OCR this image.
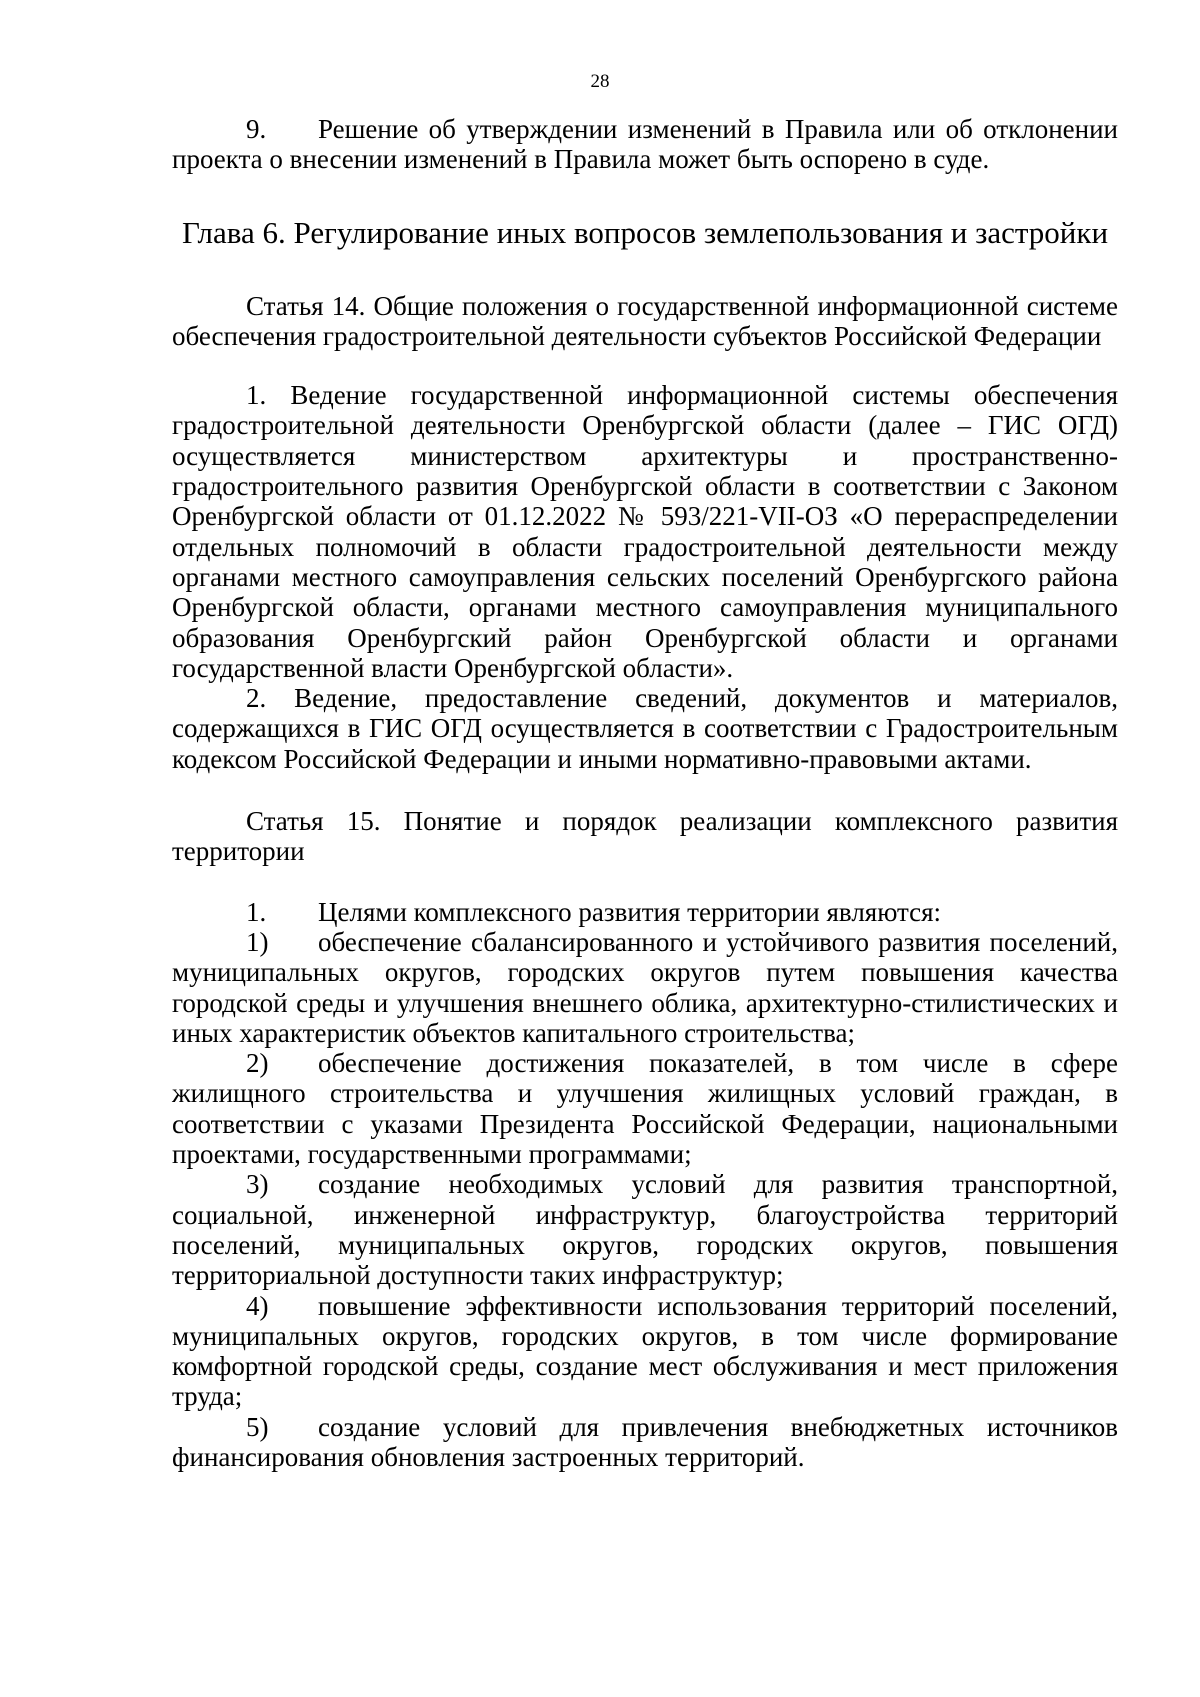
28

9. Решение об утверждении изменений в Правила или об отклонении проекта о внесении изменений в Правила может быть оспорено в суде.

Глава 6. Регулирование иных вопросов землепользования и застройки

Статья 14. Общие положения о государственной информационной системе обеспечения градостроительной деятельности субъектов Российской Федерации

1. Ведение государственной информационной системы обеспечения градостроительной деятельности Оренбургской области (далее – ГИС ОГД) осуществляется министерством архитектуры и пространственно-градостроительного развития Оренбургской области в соответствии с Законом Оренбургской области от 01.12.2022 № 593/221-VII-ОЗ «О перераспределении отдельных полномочий в области градостроительной деятельности между органами местного самоуправления сельских поселений Оренбургского района Оренбургской области, органами местного самоуправления муниципального образования Оренбургский район Оренбургской области и органами государственной власти Оренбургской области».

2. Ведение, предоставление сведений, документов и материалов, содержащихся в ГИС ОГД осуществляется в соответствии с Градостроительным кодексом Российской Федерации и иными нормативно-правовыми актами.

Статья 15. Понятие и порядок реализации комплексного развития территории

1. Целями комплексного развития территории являются:

1) обеспечение сбалансированного и устойчивого развития поселений, муниципальных округов, городских округов путем повышения качества городской среды и улучшения внешнего облика, архитектурно-стилистических и иных характеристик объектов капитального строительства;

2) обеспечение достижения показателей, в том числе в сфере жилищного строительства и улучшения жилищных условий граждан, в соответствии с указами Президента Российской Федерации, национальными проектами, государственными программами;

3) создание необходимых условий для развития транспортной, социальной, инженерной инфраструктур, благоустройства территорий поселений, муниципальных округов, городских округов, повышения территориальной доступности таких инфраструктур;

4) повышение эффективности использования территорий поселений, муниципальных округов, городских округов, в том числе формирование комфортной городской среды, создание мест обслуживания и мест приложения труда;

5) создание условий для привлечения внебюджетных источников финансирования обновления застроенных территорий.
